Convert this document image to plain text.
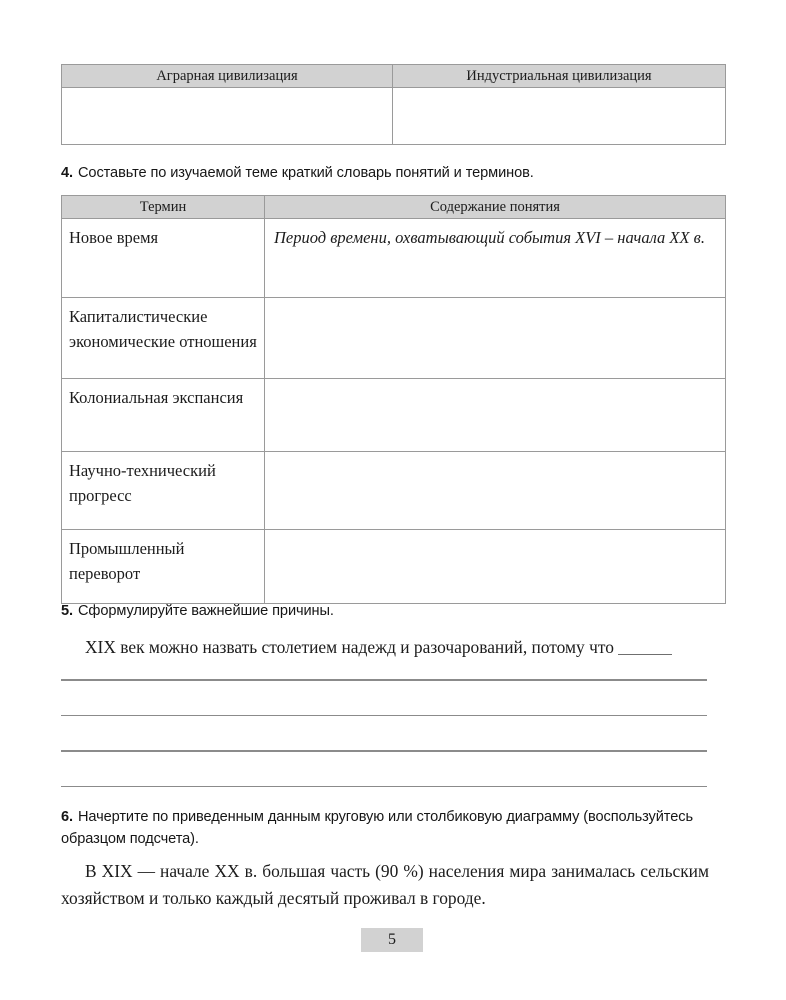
Аграрная цивилизация	Индустриальная цивилизация

4. Составьте по изучаемой теме краткий словарь понятий и терминов.
Термин	Содержание понятия
Новое время	Период времени, охватывающий события XVI – начала XX в.
Капиталистические экономические отношения	
Колониальная экспансия	
Научно-технический прогресс	
Промышленный переворот	
5. Сформулируйте важнейшие причины.
XIX век можно назвать столетием надежд и разочарований, потому что
6. Начертите по приведенным данным круговую или столбиковую диаграмму (воспользуйтесь образцом подсчета).
В XIX — начале XX в. большая часть (90 %) населения мира занималась сельским хозяйством и только каждый десятый проживал в городе.
5
